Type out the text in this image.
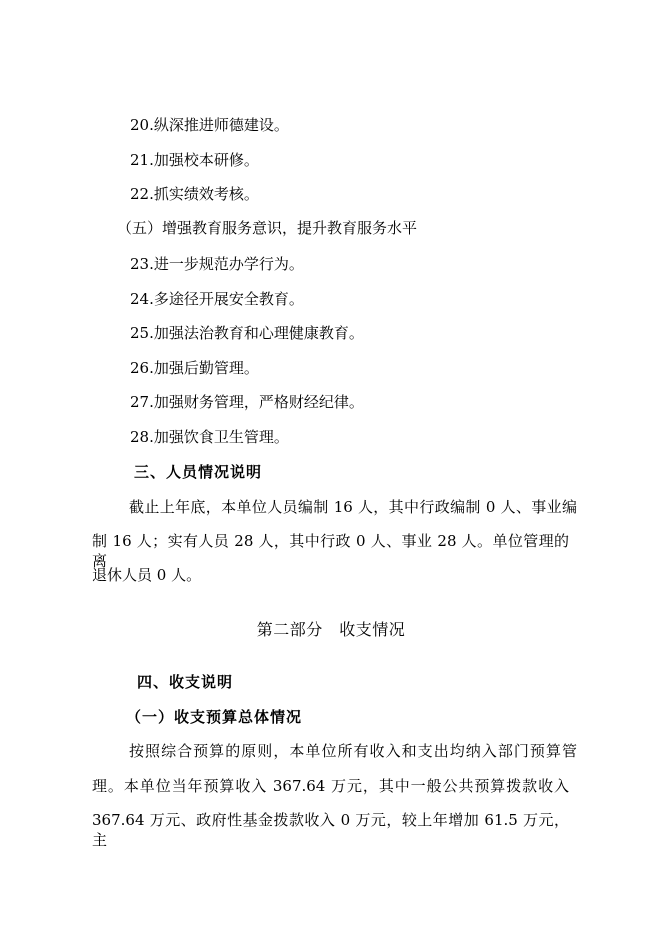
20.纵深推进师德建设。
21.加强校本研修。
22.抓实绩效考核。
（五）增强教育服务意识，提升教育服务水平
23.进一步规范办学行为。
24.多途径开展安全教育。
25.加强法治教育和心理健康教育。
26.加强后勤管理。
27.加强财务管理，严格财经纪律。
28.加强饮食卫生管理。
三、人员情况说明
截止上年底，本单位人员编制 16 人，其中行政编制 0 人、事业编
制 16 人；实有人员 28 人，其中行政 0 人、事业 28 人。单位管理的离
退休人员 0 人。
第二部分　收支情况
四、收支说明
（一）收支预算总体情况
按照综合预算的原则，本单位所有收入和支出均纳入部门预算管
理。本单位当年预算收入 367.64 万元，其中一般公共预算拨款收入
367.64 万元、政府性基金拨款收入 0 万元，较上年增加 61.5 万元，主
